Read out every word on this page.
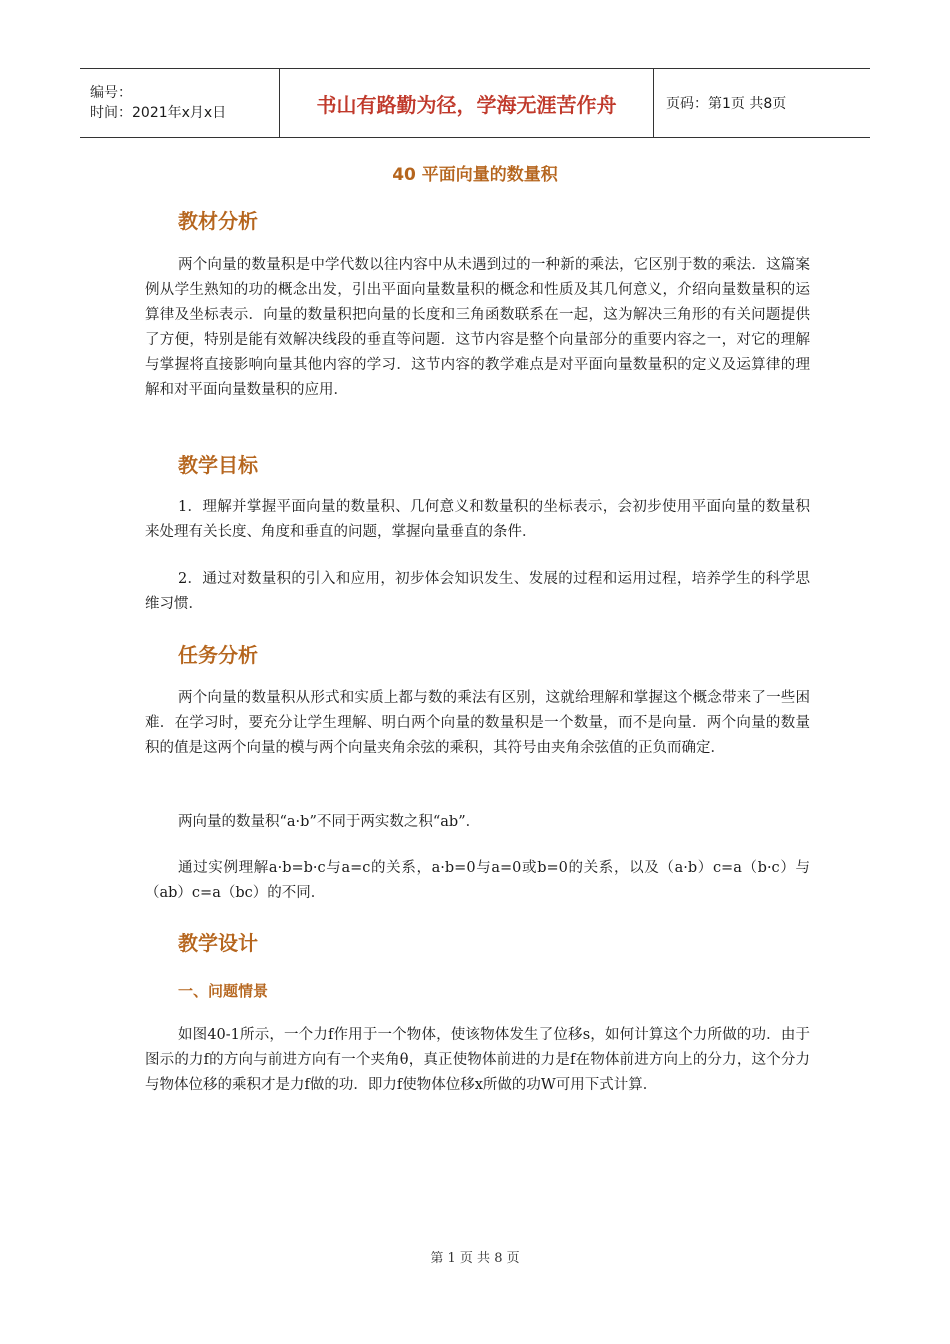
编号：
时间：2021年x月x日	书山有路勤为径，学海无涯苦作舟	页码：第1页 共8页
40 平面向量的数量积
教材分析

两个向量的数量积是中学代数以往内容中从未遇到过的一种新的乘法，它区别于数的乘法．这篇案例从学生熟知的功的概念出发，引出平面向量数量积的概念和性质及其几何意义，介绍向量数量积的运算律及坐标表示．向量的数量积把向量的长度和三角函数联系在一起，这为解决三角形的有关问题提供了方便，特别是能有效解决线段的垂直等问题．这节内容是整个向量部分的重要内容之一，对它的理解与掌握将直接影响向量其他内容的学习．这节内容的教学难点是对平面向量数量积的定义及运算律的理解和对平面向量数量积的应用．

教学目标

1．理解并掌握平面向量的数量积、几何意义和数量积的坐标表示，会初步使用平面向量的数量积来处理有关长度、角度和垂直的问题，掌握向量垂直的条件．

2．通过对数量积的引入和应用，初步体会知识发生、发展的过程和运用过程，培养学生的科学思维习惯．

任务分析

两个向量的数量积从形式和实质上都与数的乘法有区别，这就给理解和掌握这个概念带来了一些困难．在学习时，要充分让学生理解、明白两个向量的数量积是一个数量，而不是向量．两个向量的数量积的值是这两个向量的模与两个向量夹角余弦的乘积，其符号由夹角余弦值的正负而确定．

两向量的数量积“a·b”不同于两实数之积“ab”．

通过实例理解a·b=b·c与a=c的关系，a·b=0与a=0或b=0的关系，以及（a·b）c=a（b·c）与（ab）c=a（bc）的不同．

教学设计
一、问题情景

如图40-1所示，一个力f作用于一个物体，使该物体发生了位移s，如何计算这个力所做的功．由于图示的力f的方向与前进方向有一个夹角θ，真正使物体前进的力是f在物体前进方向上的分力，这个分力与物体位移的乘积才是力f做的功．即力f使物体位移x所做的功W可用下式计算．

第 1 页 共 8 页
